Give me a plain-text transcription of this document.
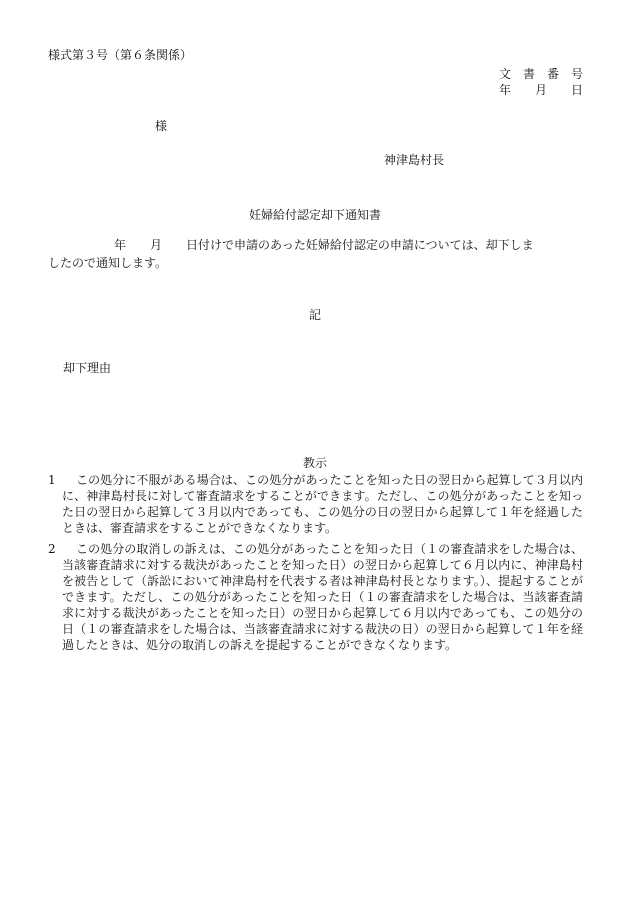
様式第３号（第６条関係）
文　書　番　号
年　　月　　日
様
神津島村長
妊婦給付認定却下通知書
年　　月　　日付けで申請のあった妊婦給付認定の申請については、却下しま
したので通知します。
記
却下理由
教示
1	この処分に不服がある場合は、この処分があったことを知った日の翌日から起算して３月以内に、神津島村長に対して審査請求をすることができます。ただし、この処分があったことを知った日の翌日から起算して３月以内であっても、この処分の日の翌日から起算して１年を経過したときは、審査請求をすることができなくなります。
2	この処分の取消しの訴えは、この処分があったことを知った日（１の審査請求をした場合は、当該審査請求に対する裁決があったことを知った日）の翌日から起算して６月以内に、神津島村を被告として（訴訟において神津島村を代表する者は神津島村長となります。）、提起することができます。ただし、この処分があったことを知った日（１の審査請求をした場合は、当該審査請求に対する裁決があったことを知った日）の翌日から起算して６月以内であっても、この処分の日（１の審査請求をした場合は、当該審査請求に対する裁決の日）の翌日から起算して１年を経過したときは、処分の取消しの訴えを提起することができなくなります。
